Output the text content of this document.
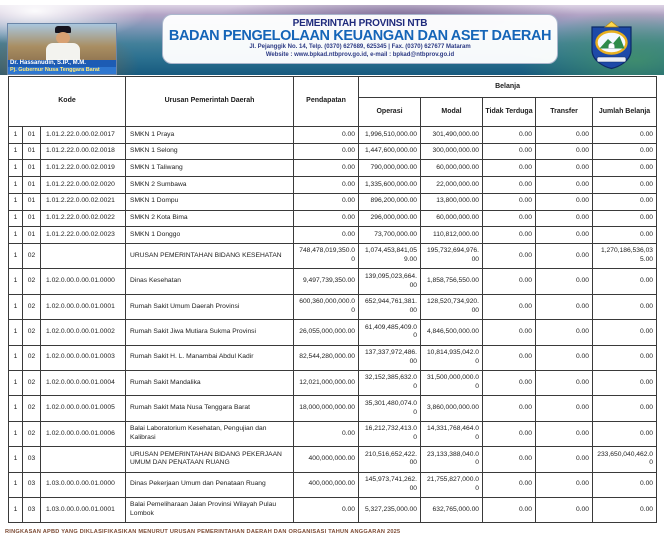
Dr. Hassanudin, S.IP., M.M.
Pj. Gubernur Nusa Tenggara Barat
PEMERINTAH PROVINSI NTB
BADAN PENGELOLAAN KEUANGAN DAN ASET DAERAH
Jl. Pejanggik No. 14, Telp. (0370) 627689, 625345 | Fax. (0370) 627677 Mataram
Website : www.bpkad.ntbprov.go.id, e-mail : bpkad@ntbprov.go.id
Kode			Urusan Pemerintah Daerah	Pendapatan	Belanja				
					Operasi	Modal	Tidak Terduga	Transfer	Jumlah Belanja
1	01	1.01.2.22.0.00.02.0017	SMKN 1 Praya	0.00	1,996,510,000.00	301,490,000.00	0.00	0.00	0.00
1	01	1.01.2.22.0.00.02.0018	SMKN 1 Selong	0.00	1,447,600,000.00	300,000,000.00	0.00	0.00	0.00
1	01	1.01.2.22.0.00.02.0019	SMKN 1 Taliwang	0.00	790,000,000.00	60,000,000.00	0.00	0.00	0.00
1	01	1.01.2.22.0.00.02.0020	SMKN 2 Sumbawa	0.00	1,335,600,000.00	22,000,000.00	0.00	0.00	0.00
1	01	1.01.2.22.0.00.02.0021	SMKN 1 Dompu	0.00	896,200,000.00	13,800,000.00	0.00	0.00	0.00
1	01	1.01.2.22.0.00.02.0022	SMKN 2 Kota Bima	0.00	296,000,000.00	60,000,000.00	0.00	0.00	0.00
1	01	1.01.2.22.0.00.02.0023	SMKN 1 Donggo	0.00	73,700,000.00	110,812,000.00	0.00	0.00	0.00
1	02		URUSAN PEMERINTAHAN BIDANG KESEHATAN	748,478,019,350.00	1,074,453,841,059.00	195,732,694,976.00	0.00	0.00	1,270,186,536,035.00
1	02	1.02.0.00.0.00.01.0000	Dinas Kesehatan	9,497,739,350.00	139,095,023,664.00	1,858,756,550.00	0.00	0.00	0.00
1	02	1.02.0.00.0.00.01.0001	Rumah Sakit Umum Daerah Provinsi	600,360,000,000.00	652,944,761,381.00	128,520,734,920.00	0.00	0.00	0.00
1	02	1.02.0.00.0.00.01.0002	Rumah Sakit Jiwa Mutiara Sukma Provinsi	26,055,000,000.00	61,409,485,409.00	4,846,500,000.00	0.00	0.00	0.00
1	02	1.02.0.00.0.00.01.0003	Rumah Sakit H. L. Manambai Abdul Kadir	82,544,280,000.00	137,337,972,486.00	10,814,935,042.00	0.00	0.00	0.00
1	02	1.02.0.00.0.00.01.0004	Rumah Sakit Mandalika	12,021,000,000.00	32,152,385,632.00	31,500,000,000.00	0.00	0.00	0.00
1	02	1.02.0.00.0.00.01.0005	Rumah Sakit Mata Nusa Tenggara Barat	18,000,000,000.00	35,301,480,074.00	3,860,000,000.00	0.00	0.00	0.00
1	02	1.02.0.00.0.00.01.0006	Balai Laboratorium Kesehatan, Pengujian dan Kalibrasi	0.00	16,212,732,413.00	14,331,768,464.00	0.00	0.00	0.00
1	03		URUSAN PEMERINTAHAN BIDANG PEKERJAAN UMUM DAN PENATAAN RUANG	400,000,000.00	210,516,652,422.00	23,133,388,040.00	0.00	0.00	233,650,040,462.00
1	03	1.03.0.00.0.00.01.0000	Dinas Pekerjaan Umum dan Penataan Ruang	400,000,000.00	145,973,741,262.00	21,755,827,000.00	0.00	0.00	0.00
1	03	1.03.0.00.0.00.01.0001	Balai Pemeliharaan Jalan Provinsi Wilayah Pulau Lombok	0.00	5,327,235,000.00	632,765,000.00	0.00	0.00	0.00
RINGKASAN APBD YANG DIKLASIFIKASIKAN MENURUT URUSAN PEMERINTAHAN DAERAH DAN ORGANISASI TAHUN ANGGARAN 2025
